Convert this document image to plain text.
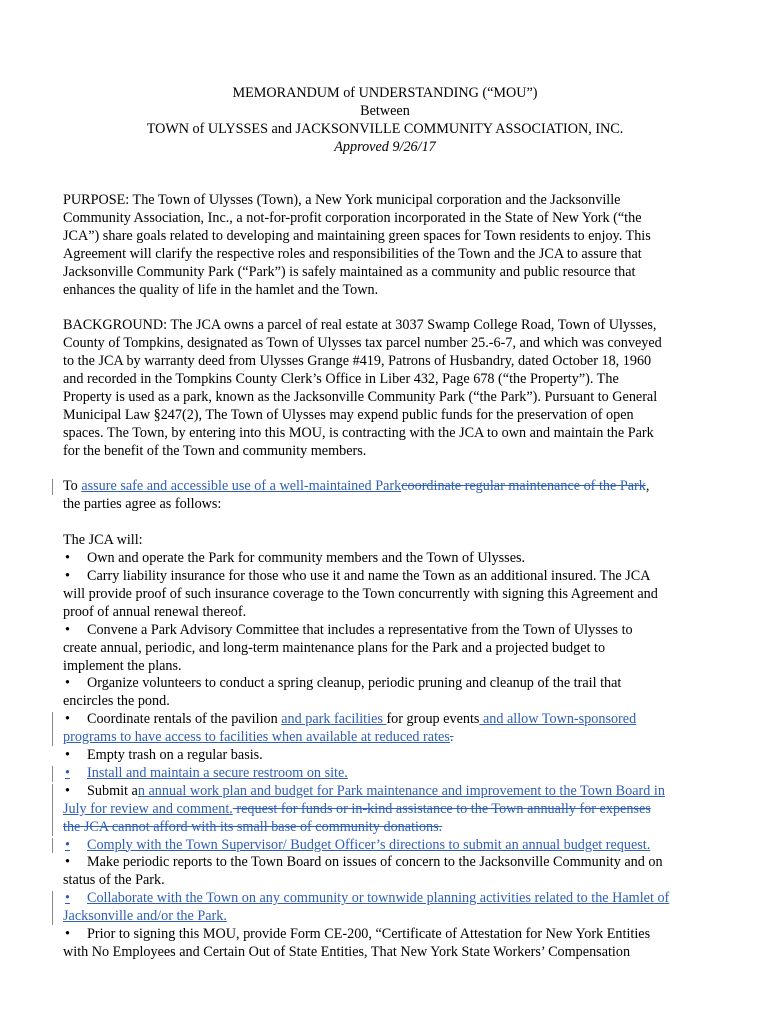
MEMORANDUM of UNDERSTANDING (“MOU”)
Between
TOWN of ULYSSES and JACKSONVILLE COMMUNITY ASSOCIATION, INC.
Approved 9/26/17

PURPOSE: The Town of Ulysses (Town), a New York municipal corporation and the Jacksonville
Community Association, Inc., a not-for-profit corporation incorporated in the State of New York (“the
JCA”) share goals related to developing and maintaining green spaces for Town residents to enjoy. This
Agreement will clarify the respective roles and responsibilities of the Town and the JCA to assure that
Jacksonville Community Park (“Park”) is safely maintained as a community and public resource that
enhances the quality of life in the hamlet and the Town.

BACKGROUND: The JCA owns a parcel of real estate at 3037 Swamp College Road, Town of Ulysses,
County of Tompkins, designated as Town of Ulysses tax parcel number 25.-6-7, and which was conveyed
to the JCA by warranty deed from Ulysses Grange #419, Patrons of Husbandry, dated October 18, 1960
and recorded in the Tompkins County Clerk’s Office in Liber 432, Page 678 (“the Property”). The
Property is used as a park, known as the Jacksonville Community Park (“the Park”). Pursuant to General
Municipal Law §247(2), The Town of Ulysses may expend public funds for the preservation of open
spaces. The Town, by entering into this MOU, is contracting with the JCA to own and maintain the Park
for the benefit of the Town and community members.

To assure safe and accessible use of a well-maintained Parkcoordinate regular maintenance of the Park,
the parties agree as follows:

The JCA will:
• Own and operate the Park for community members and the Town of Ulysses.
• Carry liability insurance for those who use it and name the Town as an additional insured. The JCA
will provide proof of such insurance coverage to the Town concurrently with signing this Agreement and
proof of annual renewal thereof.
• Convene a Park Advisory Committee that includes a representative from the Town of Ulysses to
create annual, periodic, and long-term maintenance plans for the Park and a projected budget to
implement the plans.
• Organize volunteers to conduct a spring cleanup, periodic pruning and cleanup of the trail that
encircles the pond.
• Coordinate rentals of the pavilion and park facilities for group events and allow Town-sponsored
programs to have access to facilities when available at reduced rates.
• Empty trash on a regular basis.
• Install and maintain a secure restroom on site.
• Submit an annual work plan and budget for Park maintenance and improvement to the Town Board in
July for review and comment. request for funds or in-kind assistance to the Town annually for expenses
the JCA cannot afford with its small base of community donations.
• Comply with the Town Supervisor/ Budget Officer’s directions to submit an annual budget request.
• Make periodic reports to the Town Board on issues of concern to the Jacksonville Community and on
status of the Park.
• Collaborate with the Town on any community or townwide planning activities related to the Hamlet of
Jacksonville and/or the Park.
• Prior to signing this MOU, provide Form CE-200, “Certificate of Attestation for New York Entities
with No Employees and Certain Out of State Entities, That New York State Workers’ Compensation
